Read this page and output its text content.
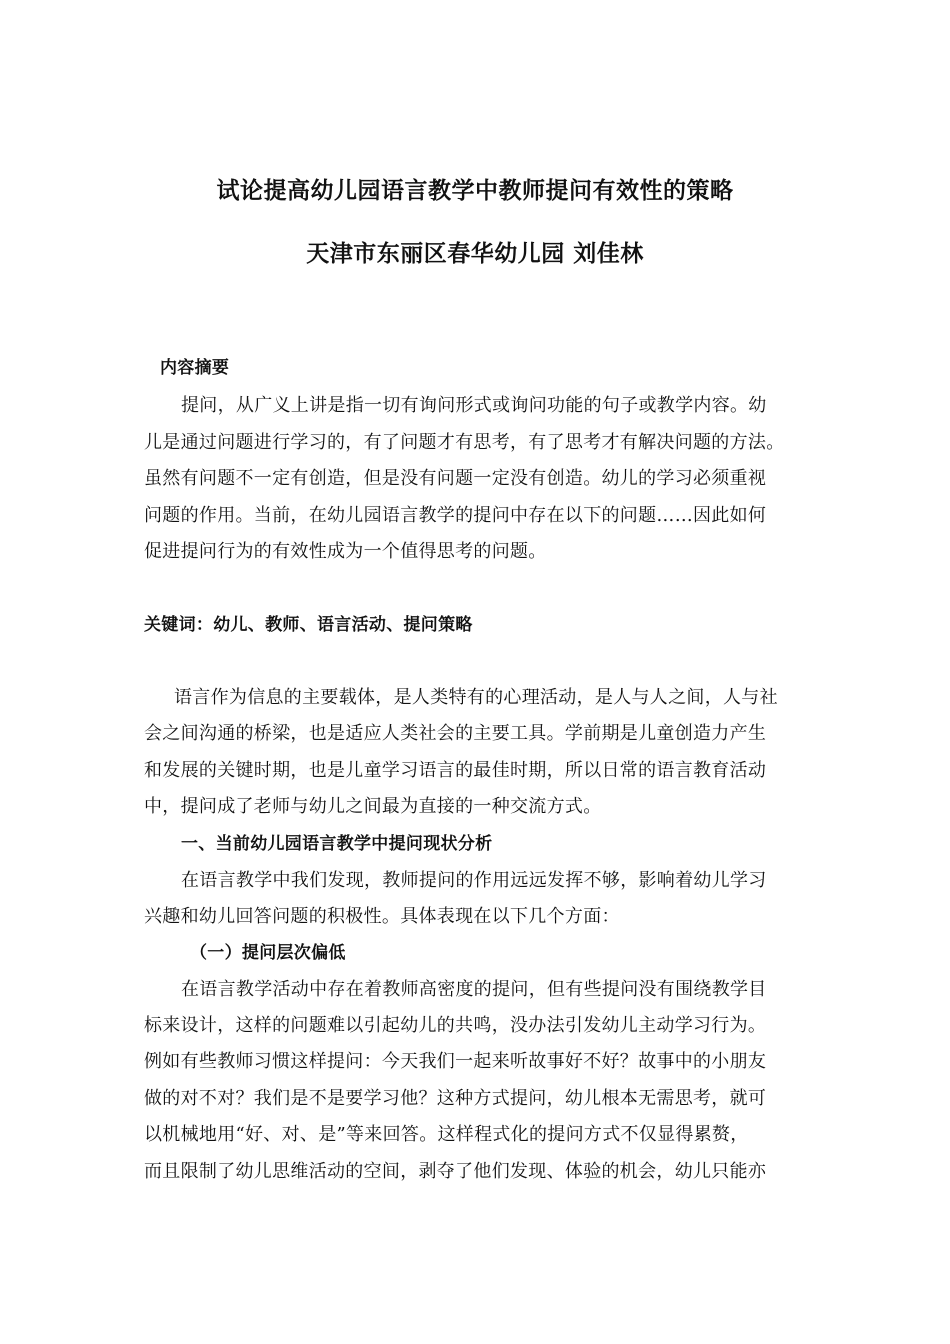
试论提高幼儿园语言教学中教师提问有效性的策略
天津市东丽区春华幼儿园 刘佳林
内容摘要
提问，从广义上讲是指一切有询问形式或询问功能的句子或教学内容。幼
儿是通过问题进行学习的，有了问题才有思考，有了思考才有解决问题的方法。
虽然有问题不一定有创造，但是没有问题一定没有创造。幼儿的学习必须重视
问题的作用。当前，在幼儿园语言教学的提问中存在以下的问题……因此如何
促进提问行为的有效性成为一个值得思考的问题。
关键词：幼儿、教师、语言活动、提问策略
语言作为信息的主要载体，是人类特有的心理活动，是人与人之间，人与社
会之间沟通的桥梁，也是适应人类社会的主要工具。学前期是儿童创造力产生
和发展的关键时期，也是儿童学习语言的最佳时期，所以日常的语言教育活动
中，提问成了老师与幼儿之间最为直接的一种交流方式。
一、当前幼儿园语言教学中提问现状分析
在语言教学中我们发现，教师提问的作用远远发挥不够，影响着幼儿学习
兴趣和幼儿回答问题的积极性。具体表现在以下几个方面：
（一）提问层次偏低
在语言教学活动中存在着教师高密度的提问，但有些提问没有围绕教学目
标来设计，这样的问题难以引起幼儿的共鸣，没办法引发幼儿主动学习行为。
例如有些教师习惯这样提问：今天我们一起来听故事好不好？故事中的小朋友
做的对不对？我们是不是要学习他？这种方式提问，幼儿根本无需思考，就可
以机械地用“好、对、是”等来回答。这样程式化的提问方式不仅显得累赘，
而且限制了幼儿思维活动的空间，剥夺了他们发现、体验的机会，幼儿只能亦
